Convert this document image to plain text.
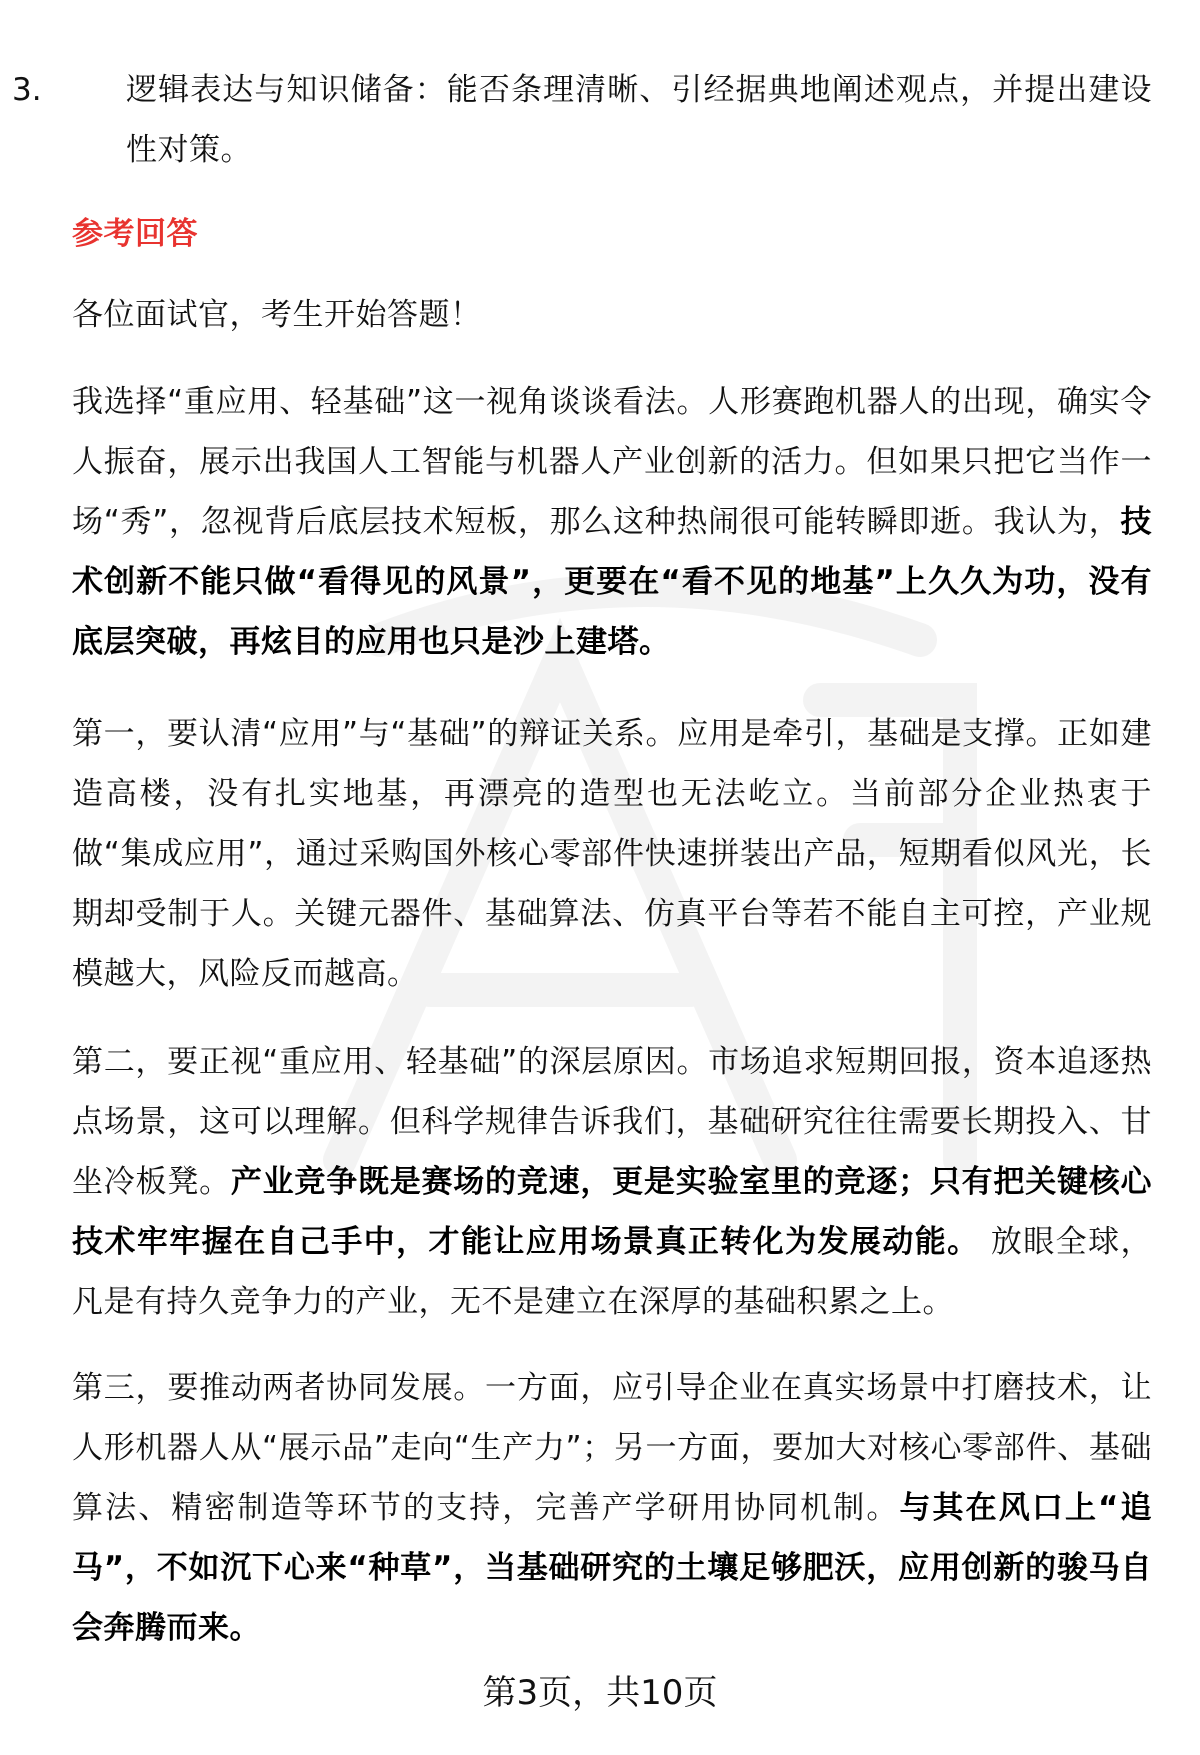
3.	逻辑表达与知识储备：能否条理清晰、引经据典地阐述观点，并提出建设性对策。
参考回答
各位面试官，考生开始答题！
我选择“重应用、轻基础”这一视角谈谈看法。人形赛跑机器人的出现，确实令人振奋，展示出我国人工智能与机器人产业创新的活力。但如果只把它当作一场“秀”，忽视背后底层技术短板，那么这种热闹很可能转瞬即逝。我认为，技术创新不能只做“看得见的风景”，更要在“看不见的地基”上久久为功，没有底层突破，再炫目的应用也只是沙上建塔。
第一，要认清“应用”与“基础”的辩证关系。应用是牵引，基础是支撑。正如建造高楼，没有扎实地基，再漂亮的造型也无法屹立。当前部分企业热衷于做“集成应用”，通过采购国外核心零部件快速拼装出产品，短期看似风光，长期却受制于人。关键元器件、基础算法、仿真平台等若不能自主可控，产业规模越大，风险反而越高。
第二，要正视“重应用、轻基础”的深层原因。市场追求短期回报，资本追逐热点场景，这可以理解。但科学规律告诉我们，基础研究往往需要长期投入、甘坐冷板凳。产业竞争既是赛场的竞速，更是实验室里的竞逐；只有把关键核心技术牢牢握在自己手中，才能让应用场景真正转化为发展动能。 放眼全球，凡是有持久竞争力的产业，无不是建立在深厚的基础积累之上。
第三，要推动两者协同发展。一方面，应引导企业在真实场景中打磨技术，让人形机器人从“展示品”走向“生产力”；另一方面，要加大对核心零部件、基础算法、精密制造等环节的支持，完善产学研用协同机制。与其在风口上“追马”，不如沉下心来“种草”，当基础研究的土壤足够肥沃，应用创新的骏马自会奔腾而来。
第3页，共10页
